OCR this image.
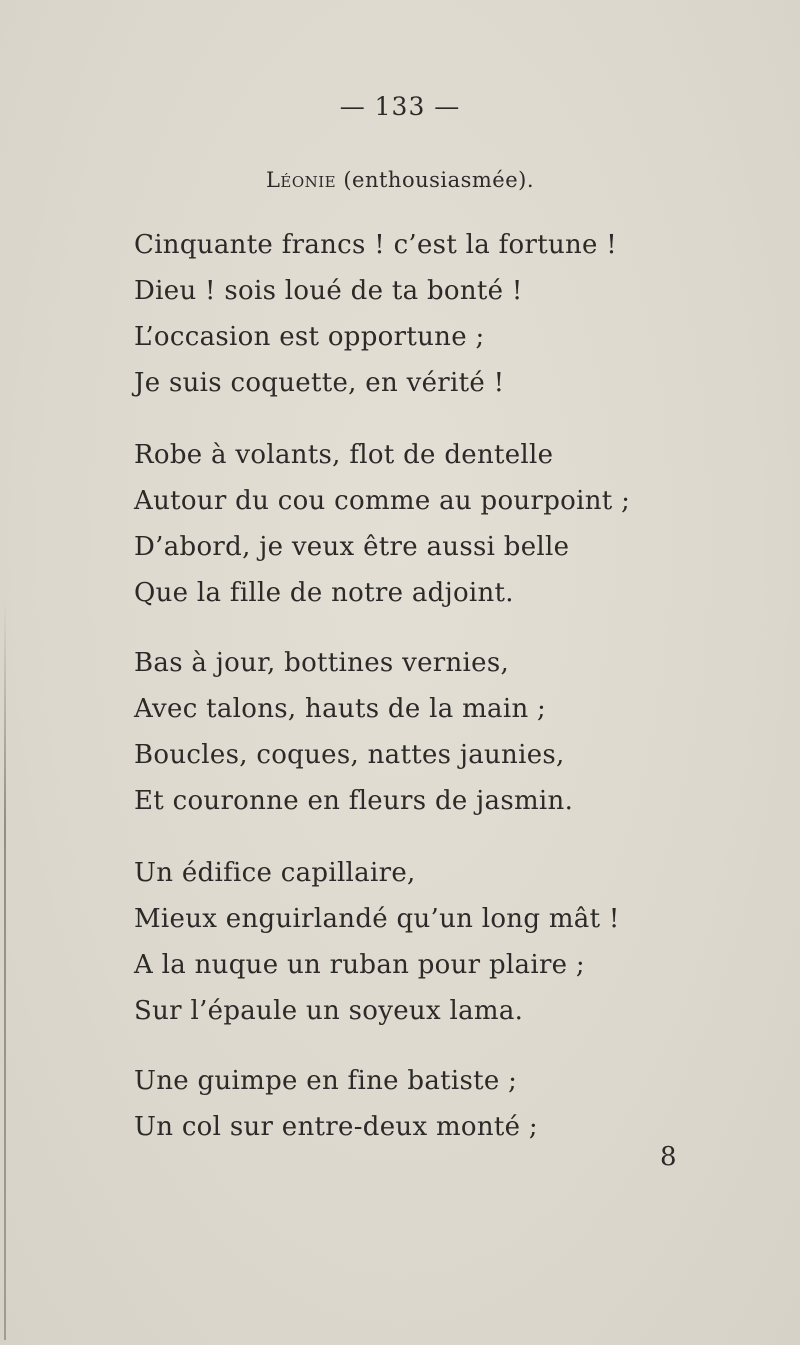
— 133 —
Léonie (enthousiasmée).
Cinquante francs ! c’est la fortune !
Dieu ! sois loué de ta bonté !
L’occasion est opportune ;
Je suis coquette, en vérité !
Robe à volants, flot de dentelle
Autour du cou comme au pourpoint ;
D’abord, je veux être aussi belle
Que la fille de notre adjoint.
Bas à jour, bottines vernies,
Avec talons, hauts de la main ;
Boucles, coques, nattes jaunies,
Et couronne en fleurs de jasmin.
Un édifice capillaire,
Mieux enguirlandé qu’un long mât !
A la nuque un ruban pour plaire ;
Sur l’épaule un soyeux lama.
Une guimpe en fine batiste ;
Un col sur entre-deux monté ;
8
